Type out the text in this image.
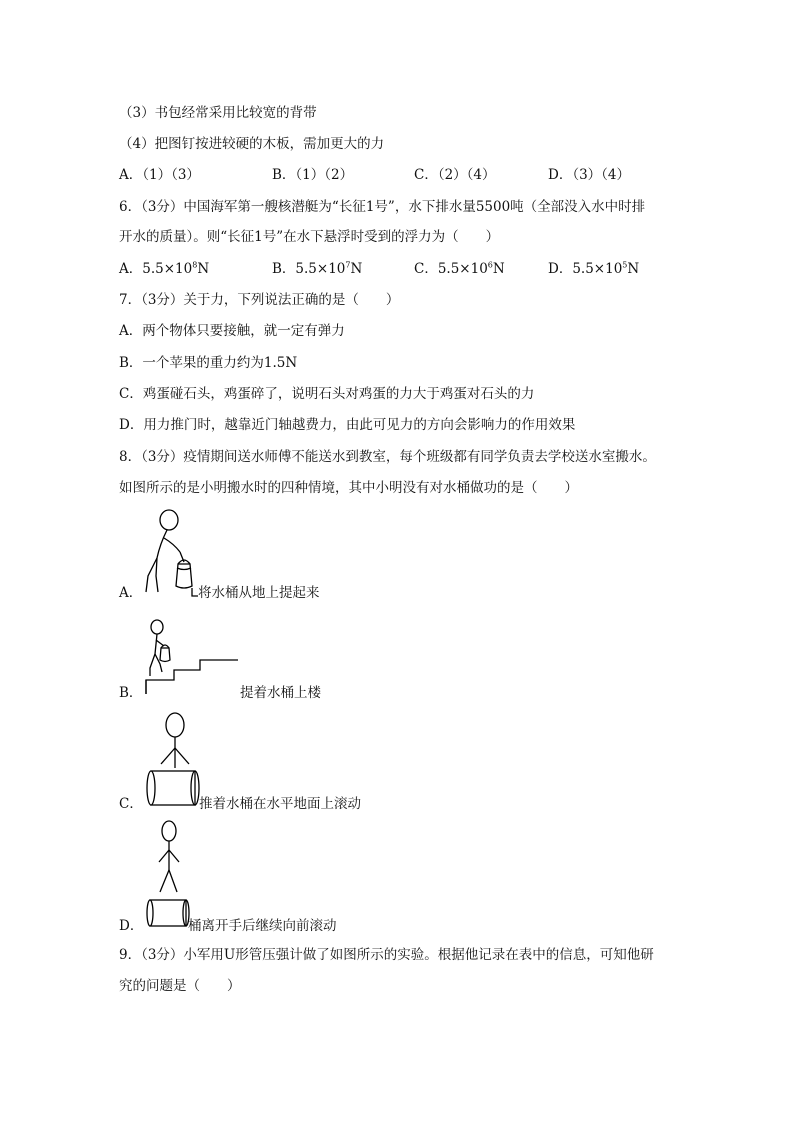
（3）书包经常采用比较宽的背带
（4）把图钉按进较硬的木板，需加更大的力
A．（1）（3）	B．（1）（2）	C．（2）（4）	D．（3）（4）
6．（3分）中国海军第一艘核潜艇为“长征1号”，水下排水量5500吨（全部没入水中时排
开水的质量）。则“长征1号”在水下悬浮时受到的浮力为（　　）
A．$5.5\times 10^8N$	B．$5.5\times 10^7N$	C．$5.5\times 10^6N$	D．$5.5\times 10^5N$
7．（3分）关于力，下列说法正确的是（　　）
A．两个物体只要接触，就一定有弹力
B．一个苹果的重力约为1.5N
C．鸡蛋碰石头，鸡蛋碎了，说明石头对鸡蛋的力大于鸡蛋对石头的力
D．用力推门时，越靠近门轴越费力，由此可见力的方向会影响力的作用效果
8．（3分）疫情期间送水师傅不能送水到教室，每个班级都有同学负责去学校送水室搬水。
如图所示的是小明搬水时的四种情境，其中小明没有对水桶做功的是（　　）
A．	将水桶从地上提起来
B．	提着水桶上楼
C．	推着水桶在水平地面上滚动
D．	桶离开手后继续向前滚动
9．（3分）小军用U形管压强计做了如图所示的实验。根据他记录在表中的信息，可知他研
究的问题是（　　）
